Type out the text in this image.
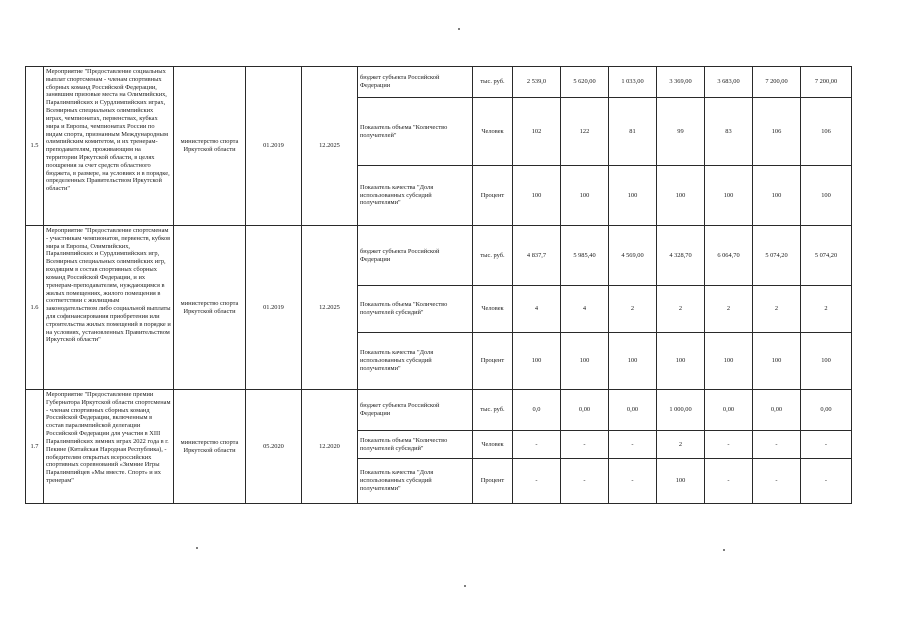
1.5	Мероприятие "Предоставление социальных выплат спортсменам - членам спортивных сборных команд Российской Федерации, занявшим призовые места на Олимпийских, Паралимпийских и Сурдлимпийских играх, Всемирных специальных олимпийских играх, чемпионатах, первенствах, кубках мира и Европы, чемпионатах России по видам спорта, признанным Международным олимпийским комитетом, и их тренерам-преподавателям, проживающим на территории Иркутской области, в целях поощрения за счет средств областного бюджета, в размере, на условиях и в порядке, определенных Правительством Иркутской области"	министерство спорта Иркутской области	01.2019	12.2025	бюджет субъекта Российской Федерации	тыс. руб.	2 539,0	5 620,00	1 033,00	3 369,00	3 683,00	7 200,00	7 200,00
					Показатель объема "Количество получателей"	Человек	102	122	81	99	83	106	106
					Показатель качества "Доля использованных субсидий получателями"	Процент	100	100	100	100	100	100	100
1.6	Мероприятие "Предоставление спортсменам - участникам чемпионатов, первенств, кубков мира и Европы, Олимпийских, Паралимпийских и Сурдлимпийских игр, Всемирных специальных олимпийских игр, входящим в состав спортивных сборных команд Российской Федерации, и их тренерам-преподавателям, нуждающимся в жилых помещениях, жилого помещения в соответствии с жилищным законодательством либо социальной выплаты для софинансирования приобретения или строительства жилых помещений в порядке и на условиях, установленных Правительством Иркутской области"	министерство спорта Иркутской области	01.2019	12.2025	бюджет субъекта Российской Федерации	тыс. руб.	4 837,7	5 985,40	4 569,00	4 328,70	6 064,70	5 074,20	5 074,20
					Показатель объема "Количество получателей субсидий"	Человек	4	4	2	2	2	2	2
					Показатель качества "Доля использованных субсидий получателями"	Процент	100	100	100	100	100	100	100
1.7	Мероприятие "Предоставление премии Губернатора Иркутской области спортсменам - членам спортивных сборных команд Российской Федерации, включенным в состав паралимпийской делегации Российской Федерации для участия в XIII Паралимпийских зимних играх 2022 года в г. Пекине (Китайская Народная Республика), - победителям открытых всероссийских спортивных соревнований «Зимние Игры Паралимпийцев «Мы вместе. Спорт» и их тренерам"	министерство спорта Иркутской области	05.2020	12.2020	бюджет субъекта Российской Федерации	тыс. руб.	0,0	0,00	0,00	1 000,00	0,00	0,00	0,00
					Показатель объема "Количество получателей субсидий"	Человек	-	-	-	2	-	-	-
					Показатель качества "Доля использованных субсидий получателями"	Процент	-	-	-	100	-	-	-
